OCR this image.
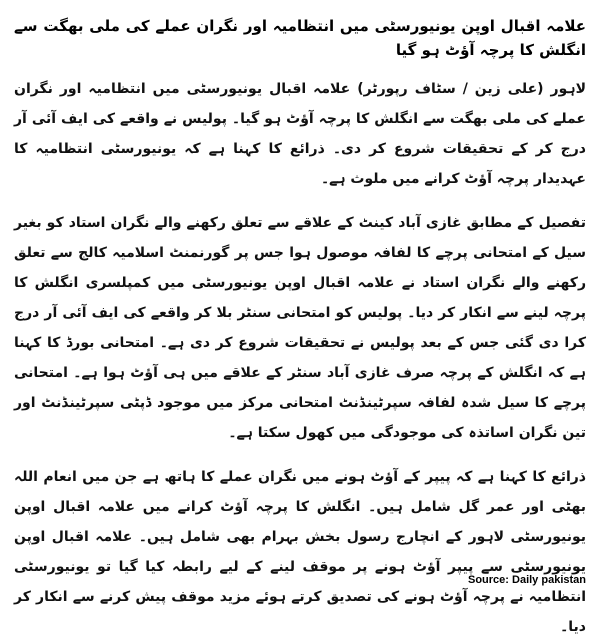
علامہ اقبال اوپن یونیورسٹی میں انتظامیہ اور نگران عملے کی ملی بھگت سے انگلش کا پرچہ آؤٹ ہو گیا

لاہور (علی زین / سٹاف رپورٹر) علامہ اقبال یونیورسٹی میں انتظامیہ اور نگران عملے کی ملی بھگت سے انگلش کا پرچہ آؤٹ ہو گیا۔ پولیس نے واقعے کی ایف آئی آر درج کر کے تحقیقات شروع کر دی۔ ذرائع کا کہنا ہے کہ یونیورسٹی انتظامیہ کا عہدیدار پرچہ آؤٹ کرانے میں ملوث ہے۔

تفصیل کے مطابق غازی آباد کینٹ کے علاقے سے تعلق رکھنے والے نگران استاد کو بغیر سیل کے امتحانی پرچے کا لفافہ موصول ہوا جس پر گورنمنٹ اسلامیہ کالج سے تعلق رکھنے والے نگران استاد نے علامہ اقبال اوپن یونیورسٹی میں کمپلسری انگلش کا پرچہ لینے سے انکار کر دیا۔ پولیس کو امتحانی سنٹر بلا کر واقعے کی ایف آئی آر درج کرا دی گئی جس کے بعد پولیس نے تحقیقات شروع کر دی ہے۔ امتحانی بورڈ کا کہنا ہے کہ انگلش کے پرچہ صرف غازی آباد سنٹر کے علاقے میں ہی آؤٹ ہوا ہے۔ امتحانی پرچے کا سیل شدہ لفافہ سپرٹینڈنٹ امتحانی مرکز میں موجود ڈپٹی سپرٹینڈنٹ اور تین نگران اساتذہ کی موجودگی میں کھول سکتا ہے۔

ذرائع کا کہنا ہے کہ پیپر کے آؤٹ ہونے میں نگران عملے کا ہاتھ ہے جن میں انعام اللہ بھٹی اور عمر گل شامل ہیں۔ انگلش کا پرچہ آؤٹ کرانے میں علامہ اقبال اوپن یونیورسٹی لاہور کے انچارج رسول بخش بہرام بھی شامل ہیں۔ علامہ اقبال اوپن یونیورسٹی سے پیپر آؤٹ ہونے پر موقف لینے کے لیے رابطہ کیا گیا تو یونیورسٹی انتظامیہ نے پرچہ آؤٹ ہونے کی تصدیق کرتے ہوئے مزید موقف پیش کرنے سے انکار کر دیا۔

Source: Daily pakistan
